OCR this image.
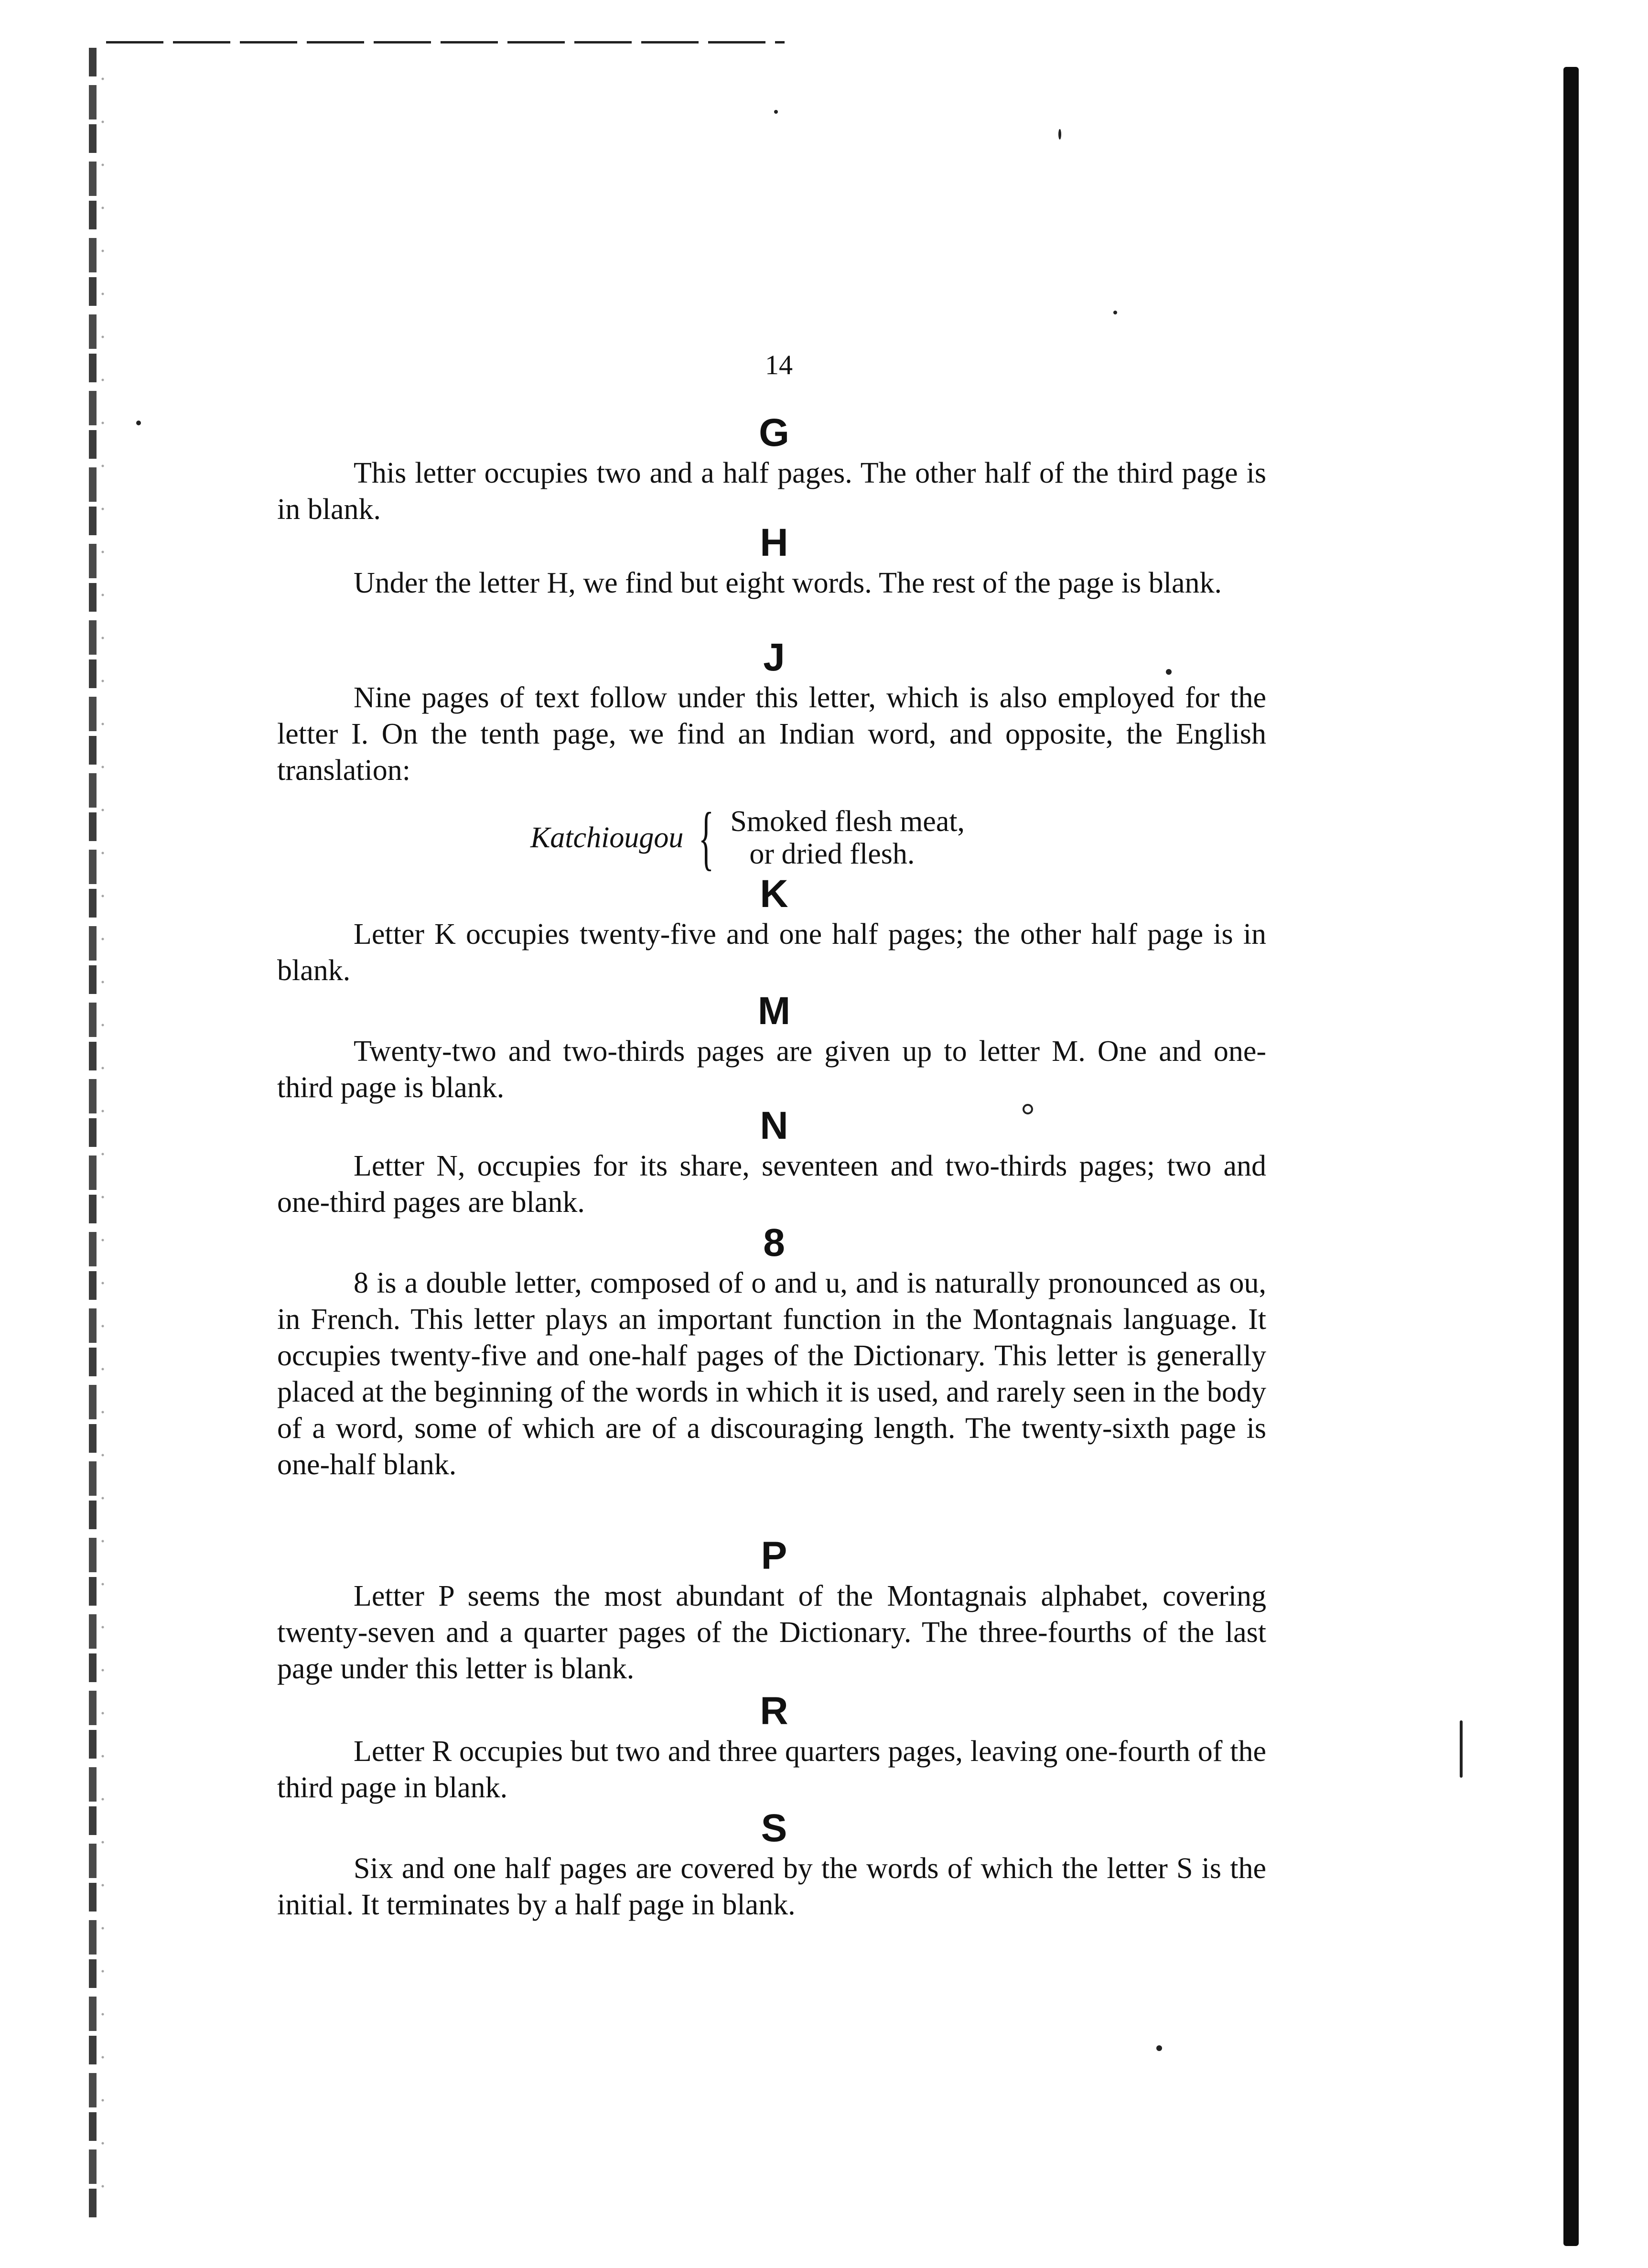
14
G

This letter occupies two and a half pages. The other half of the third page is in blank.

H

Under the letter H, we find but eight words. The rest of the page is blank.

J

Nine pages of text follow under this letter, which is also employed for the letter I. On the tenth page, we find an Indian word, and opposite, the English translation:

Katchiougou { Smoked flesh meat,
or dried flesh.
K

Letter K occupies twenty-five and one half pages; the other half page is in blank.

M

Twenty-two and two-thirds pages are given up to letter M. One and one-third page is blank.

N

Letter N, occupies for its share, seventeen and two-thirds pages; two and one-third pages are blank.

8

8 is a double letter, composed of o and u, and is naturally pronounced as ou, in French. This letter plays an important function in the Montagnais language. It occupies twenty-five and one-half pages of the Dictionary. This letter is generally placed at the beginning of the words in which it is used, and rarely seen in the body of a word, some of which are of a discouraging length. The twenty-sixth page is one-half blank.

P

Letter P seems the most abundant of the Montagnais alphabet, covering twenty-seven and a quarter pages of the Dictionary. The three-fourths of the last page under this letter is blank.

R

Letter R occupies but two and three quarters pages, leaving one-fourth of the third page in blank.

S

Six and one half pages are covered by the words of which the letter S is the initial. It terminates by a half page in blank.
